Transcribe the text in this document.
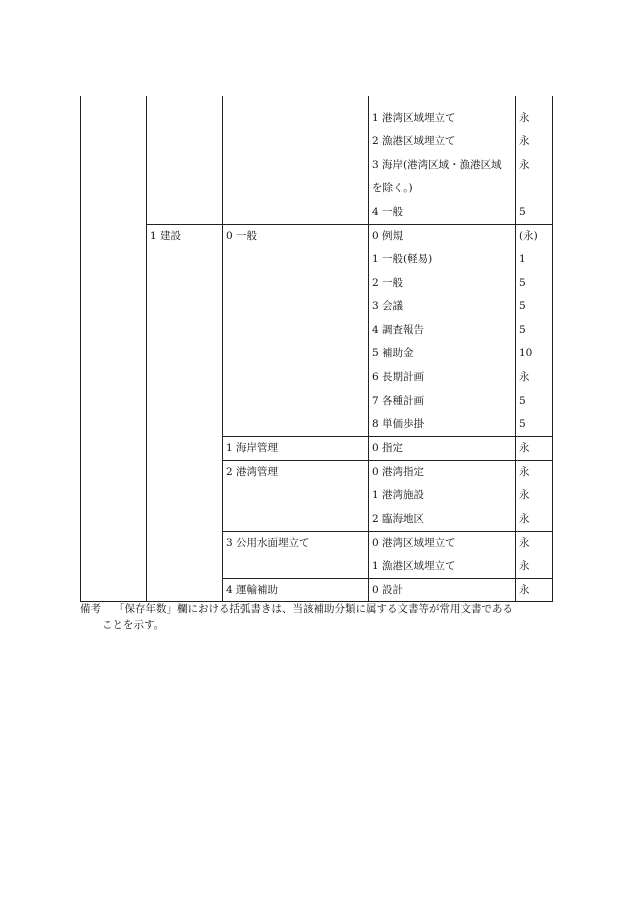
			1 港湾区域埋立て	永
			2 漁港区域埋立て	永
			3 海岸(港湾区域・漁港区域	永
			を除く。)	
			4 一般	5
	1 建設	0 一般	0 例規	(永)
			1 一般(軽易)	1
			2 一般	5
			3 会議	5
			4 調査報告	5
			5 補助金	10
			6 長期計画	永
			7 各種計画	5
			8 単価歩掛	5
		1 海岸管理	0 指定	永
		2 港湾管理	0 港湾指定	永
			1 港湾施設	永
			2 臨海地区	永
		3 公用水面埋立て	0 港湾区域埋立て	永
			1 漁港区域埋立て	永
		4 運輸補助	0 設計	永
備考 「保存年数」欄における括弧書きは、当該補助分類に属する文書等が常用文書である
ことを示す。
